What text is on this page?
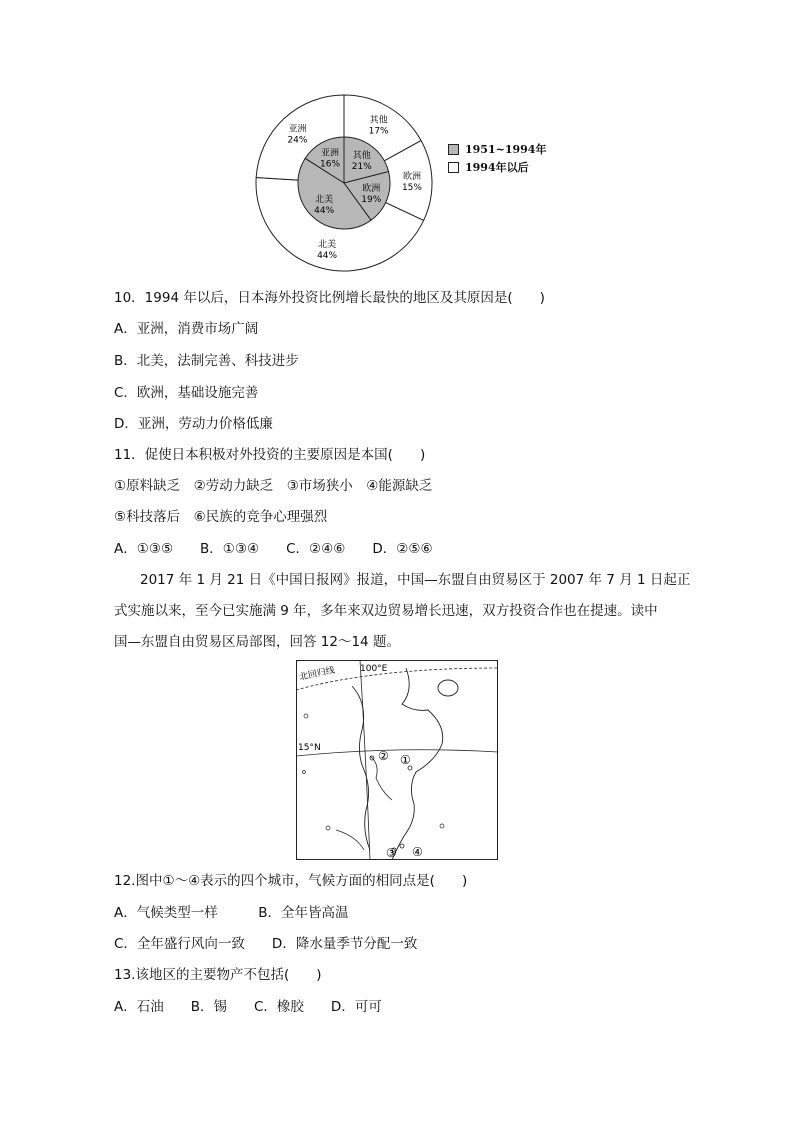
其他
17%
欧洲
15%
北美
44%
亚洲
24%
其他
21%
欧洲
19%
北美
44%
亚洲
16%
1951~1994年
1994年以后
10．1994 年以后，日本海外投资比例增长最快的地区及其原因是(　　)
A．亚洲，消费市场广阔
B．北美，法制完善、科技进步
C．欧洲，基础设施完善
D．亚洲，劳动力价格低廉
11．促使日本积极对外投资的主要原因是本国(　　)
①原料缺乏　②劳动力缺乏　③市场狭小　④能源缺乏
⑤科技落后　⑥民族的竞争心理强烈
A．①③⑤　　B．①③④　　C．②④⑥　　D．②⑤⑥
2017 年 1 月 21 日《中国日报网》报道，中国—东盟自由贸易区于 2007 年 7 月 1 日起正
式实施以来，至今已实施满 9 年，多年来双边贸易增长迅速，双方投资合作也在提速。读中
国—东盟自由贸易区局部图，回答 12～14 题。
北回归线	100°E
15°N
② ①
④
③
12.图中①～④表示的四个城市，气候方面的相同点是(　　)
A．气候类型一样　　　B．全年皆高温
C．全年盛行风向一致　　D．降水量季节分配一致
13.该地区的主要物产不包括(　　)
A．石油　　B．锡　　C．橡胶　　D．可可
